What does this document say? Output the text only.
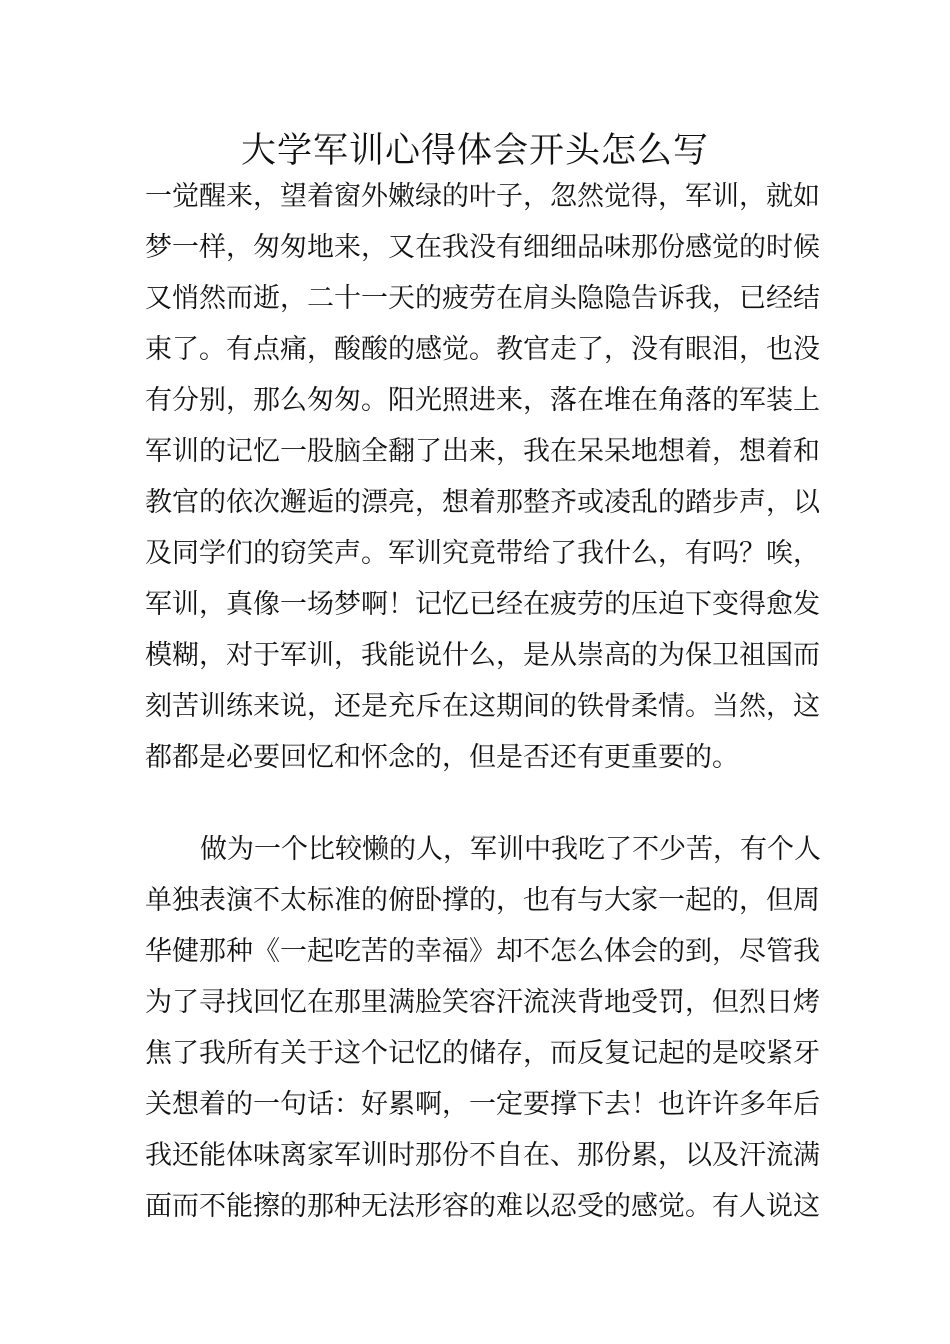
大学军训心得体会开头怎么写
一觉醒来，望着窗外嫩绿的叶子，忽然觉得，军训，就如
梦一样，匆匆地来，又在我没有细细品味那份感觉的时候
又悄然而逝，二十一天的疲劳在肩头隐隐告诉我，已经结
束了。有点痛，酸酸的感觉。教官走了，没有眼泪，也没
有分别，那么匆匆。阳光照进来，落在堆在角落的军装上
军训的记忆一股脑全翻了出来，我在呆呆地想着，想着和
教官的依次邂逅的漂亮，想着那整齐或凌乱的踏步声，以
及同学们的窃笑声。军训究竟带给了我什么，有吗？唉，
军训，真像一场梦啊！记忆已经在疲劳的压迫下变得愈发
模糊，对于军训，我能说什么，是从崇高的为保卫祖国而
刻苦训练来说，还是充斥在这期间的铁骨柔情。当然，这
都都是必要回忆和怀念的，但是否还有更重要的。
做为一个比较懒的人，军训中我吃了不少苦，有个人
单独表演不太标准的俯卧撑的，也有与大家一起的，但周
华健那种《一起吃苦的幸福》却不怎么体会的到，尽管我
为了寻找回忆在那里满脸笑容汗流浃背地受罚，但烈日烤
焦了我所有关于这个记忆的储存，而反复记起的是咬紧牙
关想着的一句话：好累啊，一定要撑下去！也许许多年后
我还能体味离家军训时那份不自在、那份累，以及汗流满
面而不能擦的那种无法形容的难以忍受的感觉。有人说这
